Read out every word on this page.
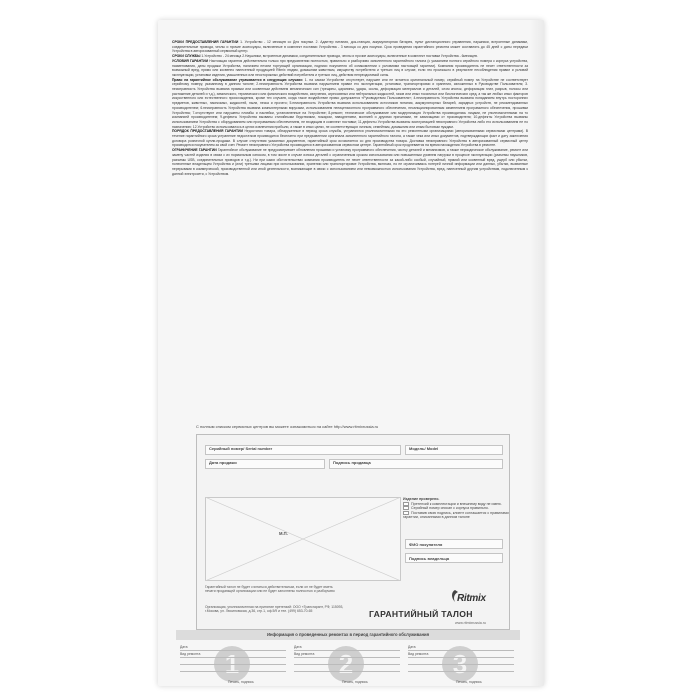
СРОКИ ПРЕДОСТАВЛЕНИЯ ГАРАНТИИ 1. Устройство - 12 месяцев со Дня покупки. 2. Адаптер питания, док-станция, аккумуляторная батарея, пульт дистанционного управления, наушники, встроенные динамики, соединительные провода, чехлы и прочие аксессуары, включенные в комплект поставки Устройства - 3 месяца со дня покупки. Срок проведения гарантийного ремонта может составлять до 45 дней с даты передачи Устройства в авторизованный сервисный центр.

СРОКИ СЛУЖБЫ 1.Устройство - 24 месяца 2.Наушники, встроенные динамики, соединительные провода, чехлы и прочие аксессуары, включенные в комплект поставки Устройства - 6месяцев.

УСЛОВИЯ ГАРАНТИИ Настоящая гарантия действительна только при предъявлении полностью, правильно и разборчиво заполненного гарантийного талона (с указанием полного серийного номера с корпуса устройства, наименования, даты продажи Устройства, наличием печати торгующей организации, подписи покупателя об ознакомлении с условиями настоящей гарантии). Компания производитель не несет ответственности за возможный вред, прямо или косвенно нанесенный продукцией Ritmix людям, домашним животным, имуществу потребителя и третьих лиц в случае, если это произошло в результате несоблюдения правил и условий эксплуатации, установки изделия, умышленных или неосторожных действий потребителя и третьих лиц, действия непреодолимой силы.

Право на гарантийное обслуживание утрачивается в следующих случаях: 1. на самом Устройстве отсутствует, нарушен или не читается оригинальный номер, серийный номер на Устройстве не соответствует серийному номеру, указанному в данном талоне; 2.неисправность Устройства вызвана нарушением правил его эксплуатации, установки, транспортировки и хранения, изложенных в Руководстве Пользователя; 3. неисправность Устройства вызвана прямым или косвенным действием механических сил (трещины, царапины, удары, сколы, деформация материалов и деталей, слом кнопок, деформация плат, разрыв, полосы или растяжение деталей и т.д.), химического, термического или физического воздействия, излучения, агрессивных или нейтральных жидкостей, газов или иных токсичных или биологических сред, а так же любых иных факторов искусственного или естественного происхождения, кроме тех случаев, когда такое воздействие прямо допускается «Руководством Пользователя»; 4.неисправность Устройства вызвана попаданием внутрь посторонних предметов, животных, насекомых, жидкостей, пыли, песка и прочего; 5.неисправность Устройства вызвана использованием источников питания, аккумуляторных батарей, зарядных устройств, не рекомендованных производителем; 6.неисправность Устройства вызвана компьютерными вирусами, использованием нелицензионного программного обеспечения, несанкционированным изменением программного обеспечения, прошивки Устройства; 7.отсутствуют или нарушены пломбы и наклейки, установленные на Устройстве; 8.ремонт, техническое обслуживание или модернизация Устройства производились лицами, не уполномоченными на то компанией производителем; 9.дефекты Устройства вызваны стихийными бедствиями, пожаром, наводнением, молнией и другими причинами, не зависящими от производителя; 10.дефекты Устройства вызваны использованием Устройства с оборудованием или программным обеспечением, не входящим в комплект поставки; 11.дефекты Устройства вызваны эксплуатацией неисправного Устройства либо его использованием не по назначению; 12.Устройство использовалось в целях извлечения прибыли, а также в иных целях, не соответствующих личным, семейным, домашним или иным бытовым нуждам.

ПОРЯДОК ПРЕДОСТАВЛЕНИЯ ГАРАНТИИ Недостатки товара, обнаруженные в период срока службы, устраняются уполномоченными на это ремонтными организациями (авторизованными сервисными центрами). В течение гарантийного срока устранение недостатков производится бесплатно при предъявлении оригинала заполненного гарантийного талона, а также чека или иных документов, подтверждающих факт и дату заключения договора розничной купли-продажи. В случае отсутствия указанных документов, гарантийный срок исчисляется со дня производства товара. Доставка неисправного Устройства в авторизованный сервисный центр производится покупателем за свой счет. Ремонт неисправного Устройства производится в авторизованном сервисном центре. Гарантийный срок продлевается на время нахождения Устройства в ремонте.

ОГРАНИЧЕНИЕ ГАРАНТИИ Гарантийное обслуживание не предусматривает обновления прошивки и установку программного обеспечения, чистку деталей и механизмов, а также периодическое обслуживание, ремонт или замену частей изделия в связи с их нормальным износом, в том числе в случае износа деталей с ограниченным сроком использования или повышенным уровнем нагрузки в процессе эксплуатации (разъемы наушников, разъемы USB, соединительных проводов и т.д.). Ни при каких обстоятельствах компания производитель не несет ответственности за какой-либо особый, случайный, прямой или косвенный вред, ущерб или убытки, понесенные владельцем Устройства и (или) третьими лицами при использовании, хранении или транспортировке Устройства, включая, но не ограничиваясь потерей личной информации или данных, убытки, вызванные перерывами в коммерческой, производственной или иной деятельности, возникающие в связи с использованием или невозможностью использования Устройства, вред, нанесенный другим устройствам, подключенным к данной электросети, с Устройством.

С полным списком сервисных центров вы можете ознакомиться на сайте http://www.ritmixrussia.ru
Серийный номер/ Serial number	Модель/ Model
Дата продажи	Подпись продавца
М.П.
Изделие проверено.
Претензий к комплектации и внешнему виду не имею.
Серийный номер списан с корпуса правильно.
Поставив свою подпись, клиент соглашается с правилами гарантии, описанными в данном талоне
ФИО покупателя
Подпись владельца
Гарантийный талон не будет считаться действительным, если он не будет иметь печати продающей организации или не будет заполнены полностью и разборчиво
Организация, уполномоченная на принятие претензий: ООО «Трансгарант, РФ, 115093, г.Москва, ул. Люсиновская, д.36, стр.1, оф.5/9 и тел. (499) 653-70-65
Ritmix
ГАРАНТИЙНЫЙ ТАЛОН
www.ritmixrussia.ru
Информация о проведенных ремонтах в период гарантийного обслуживания
1
Дата
Вид ремонта
Печать, подпись
2
Дата
Вид ремонта
Печать, подпись
3
Дата
Вид ремонта
Печать, подпись
